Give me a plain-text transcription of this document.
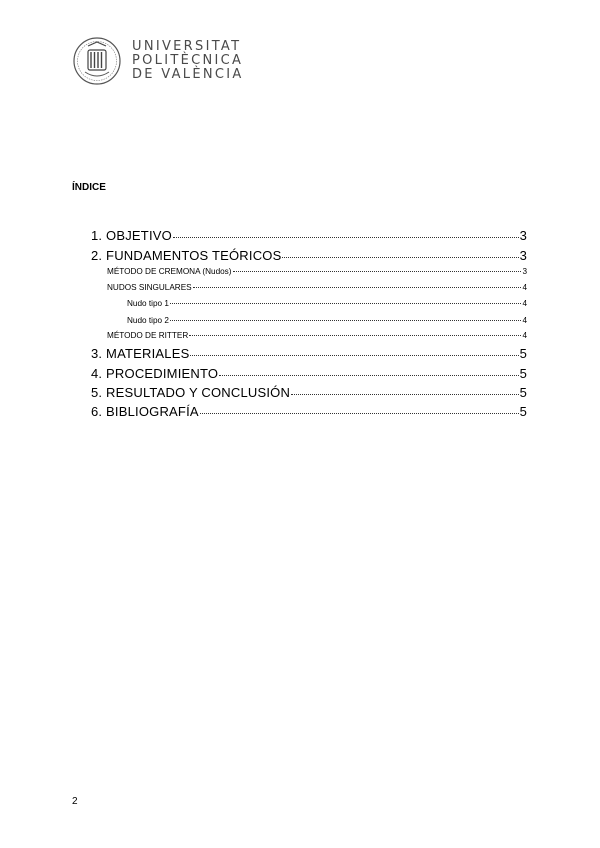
UNIVERSITAT
POLITÈCNICA
DE VALÈNCIA
ÍNDICE
1. OBJETIVO	3
2. FUNDAMENTOS TEÓRICOS	3
MÉTODO DE CREMONA (Nudos)	3
NUDOS SINGULARES	4
Nudo tipo 1	4
Nudo tipo 2	4
MÉTODO DE RITTER	4
3. MATERIALES	5
4. PROCEDIMIENTO	5
5. RESULTADO Y CONCLUSIÓN	5
6. BIBLIOGRAFÍA	5
2
